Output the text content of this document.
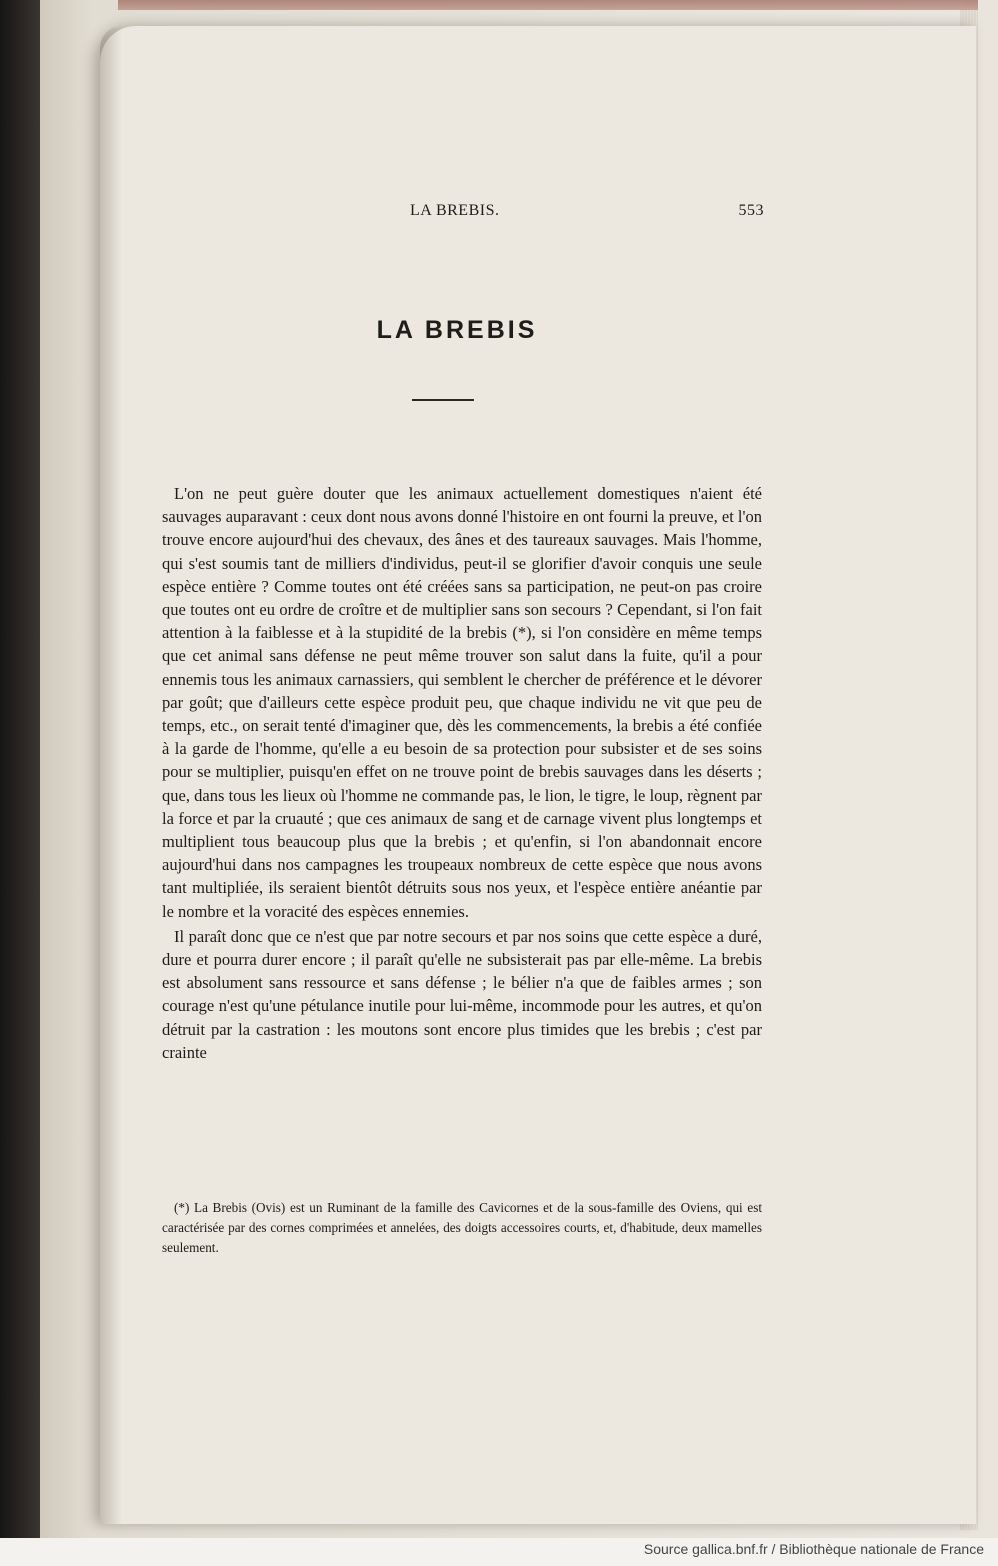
LA BREBIS.	553
LA BREBIS

L'on ne peut guère douter que les animaux actuellement domestiques n'aient été sauvages auparavant : ceux dont nous avons donné l'histoire en ont fourni la preuve, et l'on trouve encore aujourd'hui des chevaux, des ânes et des taureaux sauvages. Mais l'homme, qui s'est soumis tant de milliers d'individus, peut-il se glorifier d'avoir conquis une seule espèce entière ? Comme toutes ont été créées sans sa participation, ne peut-on pas croire que toutes ont eu ordre de croître et de multiplier sans son secours ? Cependant, si l'on fait attention à la faiblesse et à la stupidité de la brebis (*), si l'on considère en même temps que cet animal sans défense ne peut même trouver son salut dans la fuite, qu'il a pour ennemis tous les animaux carnassiers, qui semblent le chercher de préférence et le dévorer par goût; que d'ailleurs cette espèce produit peu, que chaque individu ne vit que peu de temps, etc., on serait tenté d'imaginer que, dès les commencements, la brebis a été confiée à la garde de l'homme, qu'elle a eu besoin de sa protection pour subsister et de ses soins pour se multiplier, puisqu'en effet on ne trouve point de brebis sauvages dans les déserts ; que, dans tous les lieux où l'homme ne commande pas, le lion, le tigre, le loup, règnent par la force et par la cruauté ; que ces animaux de sang et de carnage vivent plus longtemps et multiplient tous beaucoup plus que la brebis ; et qu'enfin, si l'on abandonnait encore aujourd'hui dans nos campagnes les troupeaux nombreux de cette espèce que nous avons tant multipliée, ils seraient bientôt détruits sous nos yeux, et l'espèce entière anéantie par le nombre et la voracité des espèces ennemies.

Il paraît donc que ce n'est que par notre secours et par nos soins que cette espèce a duré, dure et pourra durer encore ; il paraît qu'elle ne subsisterait pas par elle-même. La brebis est absolument sans ressource et sans défense ; le bélier n'a que de faibles armes ; son courage n'est qu'une pétulance inutile pour lui-même, incommode pour les autres, et qu'on détruit par la castration : les moutons sont encore plus timides que les brebis ; c'est par crainte

(*) La Brebis (Ovis) est un Ruminant de la famille des Cavicornes et de la sous-famille des Oviens, qui est caractérisée par des cornes comprimées et annelées, des doigts accessoires courts, et, d'habitude, deux mamelles seulement.

Source gallica.bnf.fr / Bibliothèque nationale de France
